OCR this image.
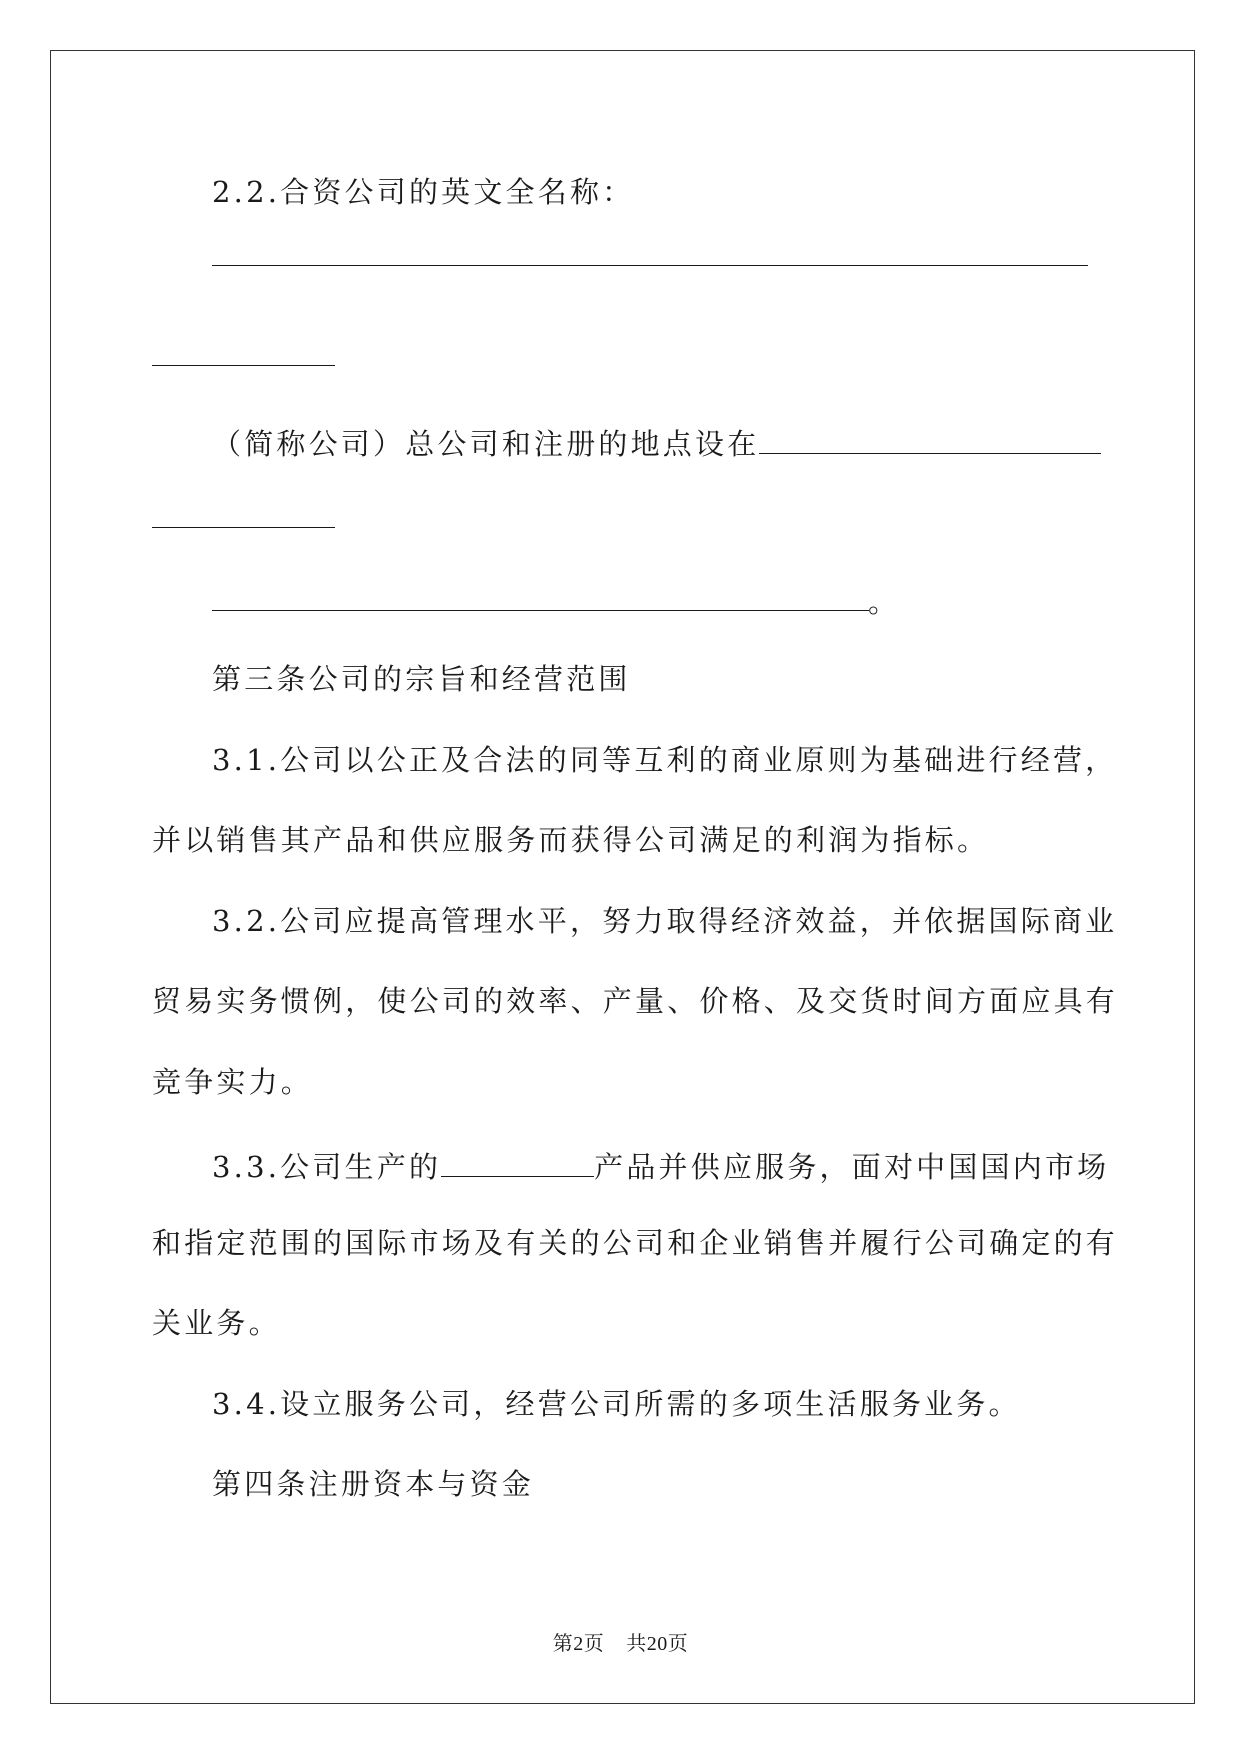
2.2.合资公司的英文全名称：
（简称公司）总公司和注册的地点设在
。
第三条公司的宗旨和经营范围
3.1.公司以公正及合法的同等互利的商业原则为基础进行经营，
并以销售其产品和供应服务而获得公司满足的利润为指标。
3.2.公司应提高管理水平，努力取得经济效益，并依据国际商业
贸易实务惯例，使公司的效率、产量、价格、及交货时间方面应具有
竞争实力。
3.3.公司生产的	产品并供应服务，面对中国国内市场
和指定范围的国际市场及有关的公司和企业销售并履行公司确定的有
关业务。
3.4.设立服务公司，经营公司所需的多项生活服务业务。
第四条注册资本与资金
第2页 共20页
